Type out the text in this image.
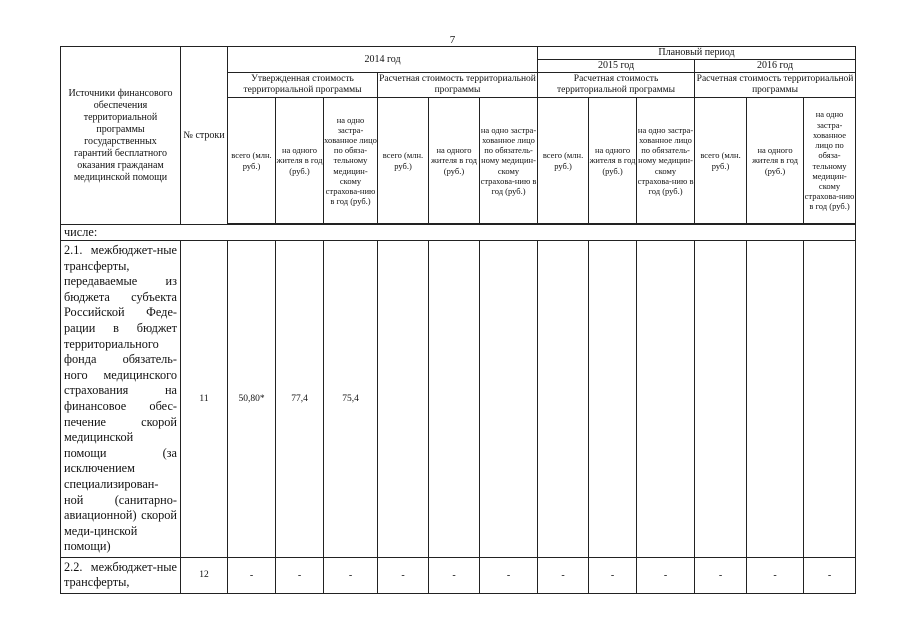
7
Источники финансового обеспечения территориальной программы государственных гарантий бесплатного оказания гражданам медицинской помощи	№ строки	2014 год						Плановый период					
								2015 год			2016 год		
		Утвержденная стоимость территориальной программы			Расчетная стоимость территориальной программы			Расчетная стоимость территориальной программы			Расчетная стоимость территориальной программы		
		всего (млн. руб.)	на одного жителя в год (руб.)	на одно застра-хованное лицо по обяза-тельному медицин-скому страхова-нию в год (руб.)	всего (млн. руб.)	на одного жителя в год (руб.)	на одно застра-хованное лицо по обязатель-ному медицин-скому страхова-нию в год (руб.)	всего (млн. руб.)	на одного жителя в год (руб.)	на одно застра-хованное лицо по обязатель-ному медицин-скому страхова-нию в год (руб.)	всего (млн. руб.)	на одного жителя в год (руб.)	на одно застра-хованное лицо по обяза-тельному медицин-скому страхова-нию в год (руб.)

числе:													
2.1. межбюджет-ные трансферты, передаваемые из бюджета субъекта Российской Феде-рации в бюджет территориального фонда обязатель-ного медицинского страхования на финансовое обес-печение скорой медицинской помощи (за исключением специализирован-ной (санитарно-авиационной) скорой меди-цинской помощи)	11	50,80*	77,4	75,4									
2.2. межбюджет-ные трансферты,	12	-	-	-	-	-	-	-	-	-	-	-	-
